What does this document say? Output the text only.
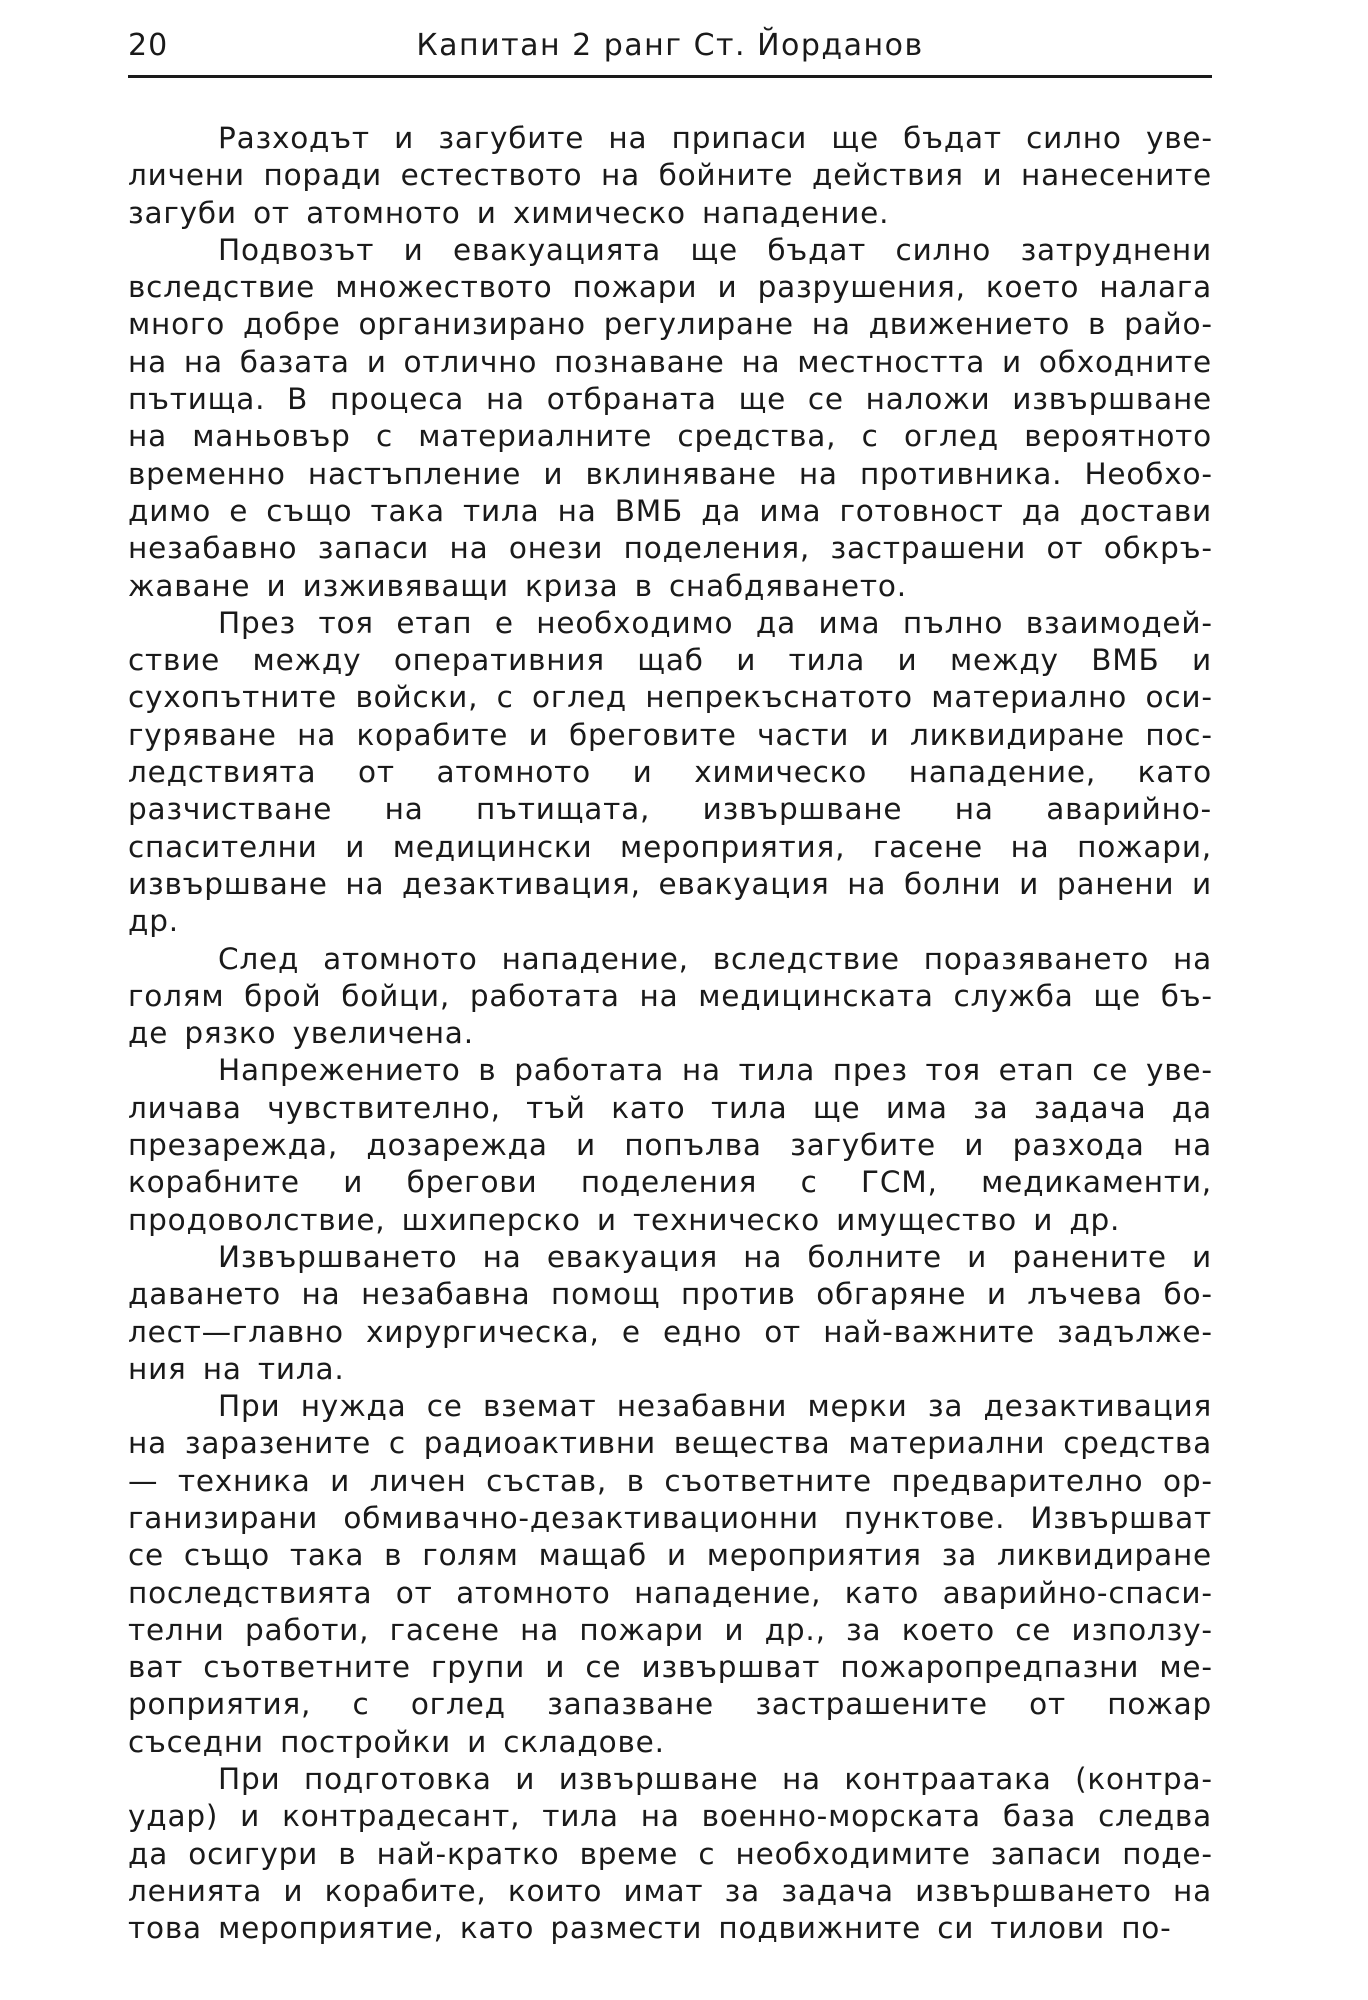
20	Капитан 2 ранг Ст. Йорданов

Разходът и загубите на припаси ще бъдат силно увеличени поради естеството на бойните действия и нанесените загуби от атомното и химическо нападение.

Подвозът и евакуацията ще бъдат силно затруднени вследствие множеството пожари и разрушения, което налага много добре организирано регулиране на движението в района на базата и отлично познаване на местността и обходните пътища. В процеса на отбраната ще се наложи извършване на маньовър с материалните средства, с оглед вероятното временно настъпление и вклиняване на противника. Необходимо е също така тила на ВМБ да има готовност да достави незабавно запаси на онези поделения, застрашени от обкръжаване и изживяващи криза в снабдяването.

През тоя етап е необходимо да има пълно взаимодействие между оперативния щаб и тила и между ВМБ и сухопътните войски, с оглед непрекъснатото материално осигуряване на корабите и бреговите части и ликвидиране последствията от атомното и химическо нападение, като разчистване на пътищата, извършване на аварийно-спасителни и медицински мероприятия, гасене на пожари, извършване на дезактивация, евакуация на болни и ранени и др.

След атомното нападение, вследствие поразяването на голям брой бойци, работата на медицинската служба ще бъде рязко увеличена.

Напрежението в работата на тила през тоя етап се увеличава чувствително, тъй като тила ще има за задача да презарежда, дозарежда и попълва загубите и разхода на корабните и брегови поделения с ГСМ, медикаменти, продоволствие, шхиперско и техническо имущество и др.

Извършването на евакуация на болните и ранените и даването на незабавна помощ против обгаряне и лъчева болест—главно хирургическа, е едно от най-важните задължения на тила.

При нужда се вземат незабавни мерки за дезактивация на заразените с радиоактивни вещества материални средства — техника и личен състав, в съответните предварително организирани обмивачно-дезактивационни пунктове. Извършват се също така в голям мащаб и мероприятия за ликвидиране последствията от атомното нападение, като аварийно-спасителни работи, гасене на пожари и др., за което се използуват съответните групи и се извършват пожаропредпазни мероприятия, с оглед запазване застрашените от пожар съседни постройки и складове.

При подготовка и извършване на контраатака (контраудар) и контрадесант, тила на военно-морската база следва да осигури в най-кратко време с необходимите запаси поделенията и корабите, които имат за задача извършването на това мероприятие, като размести подвижните си тилови по-
